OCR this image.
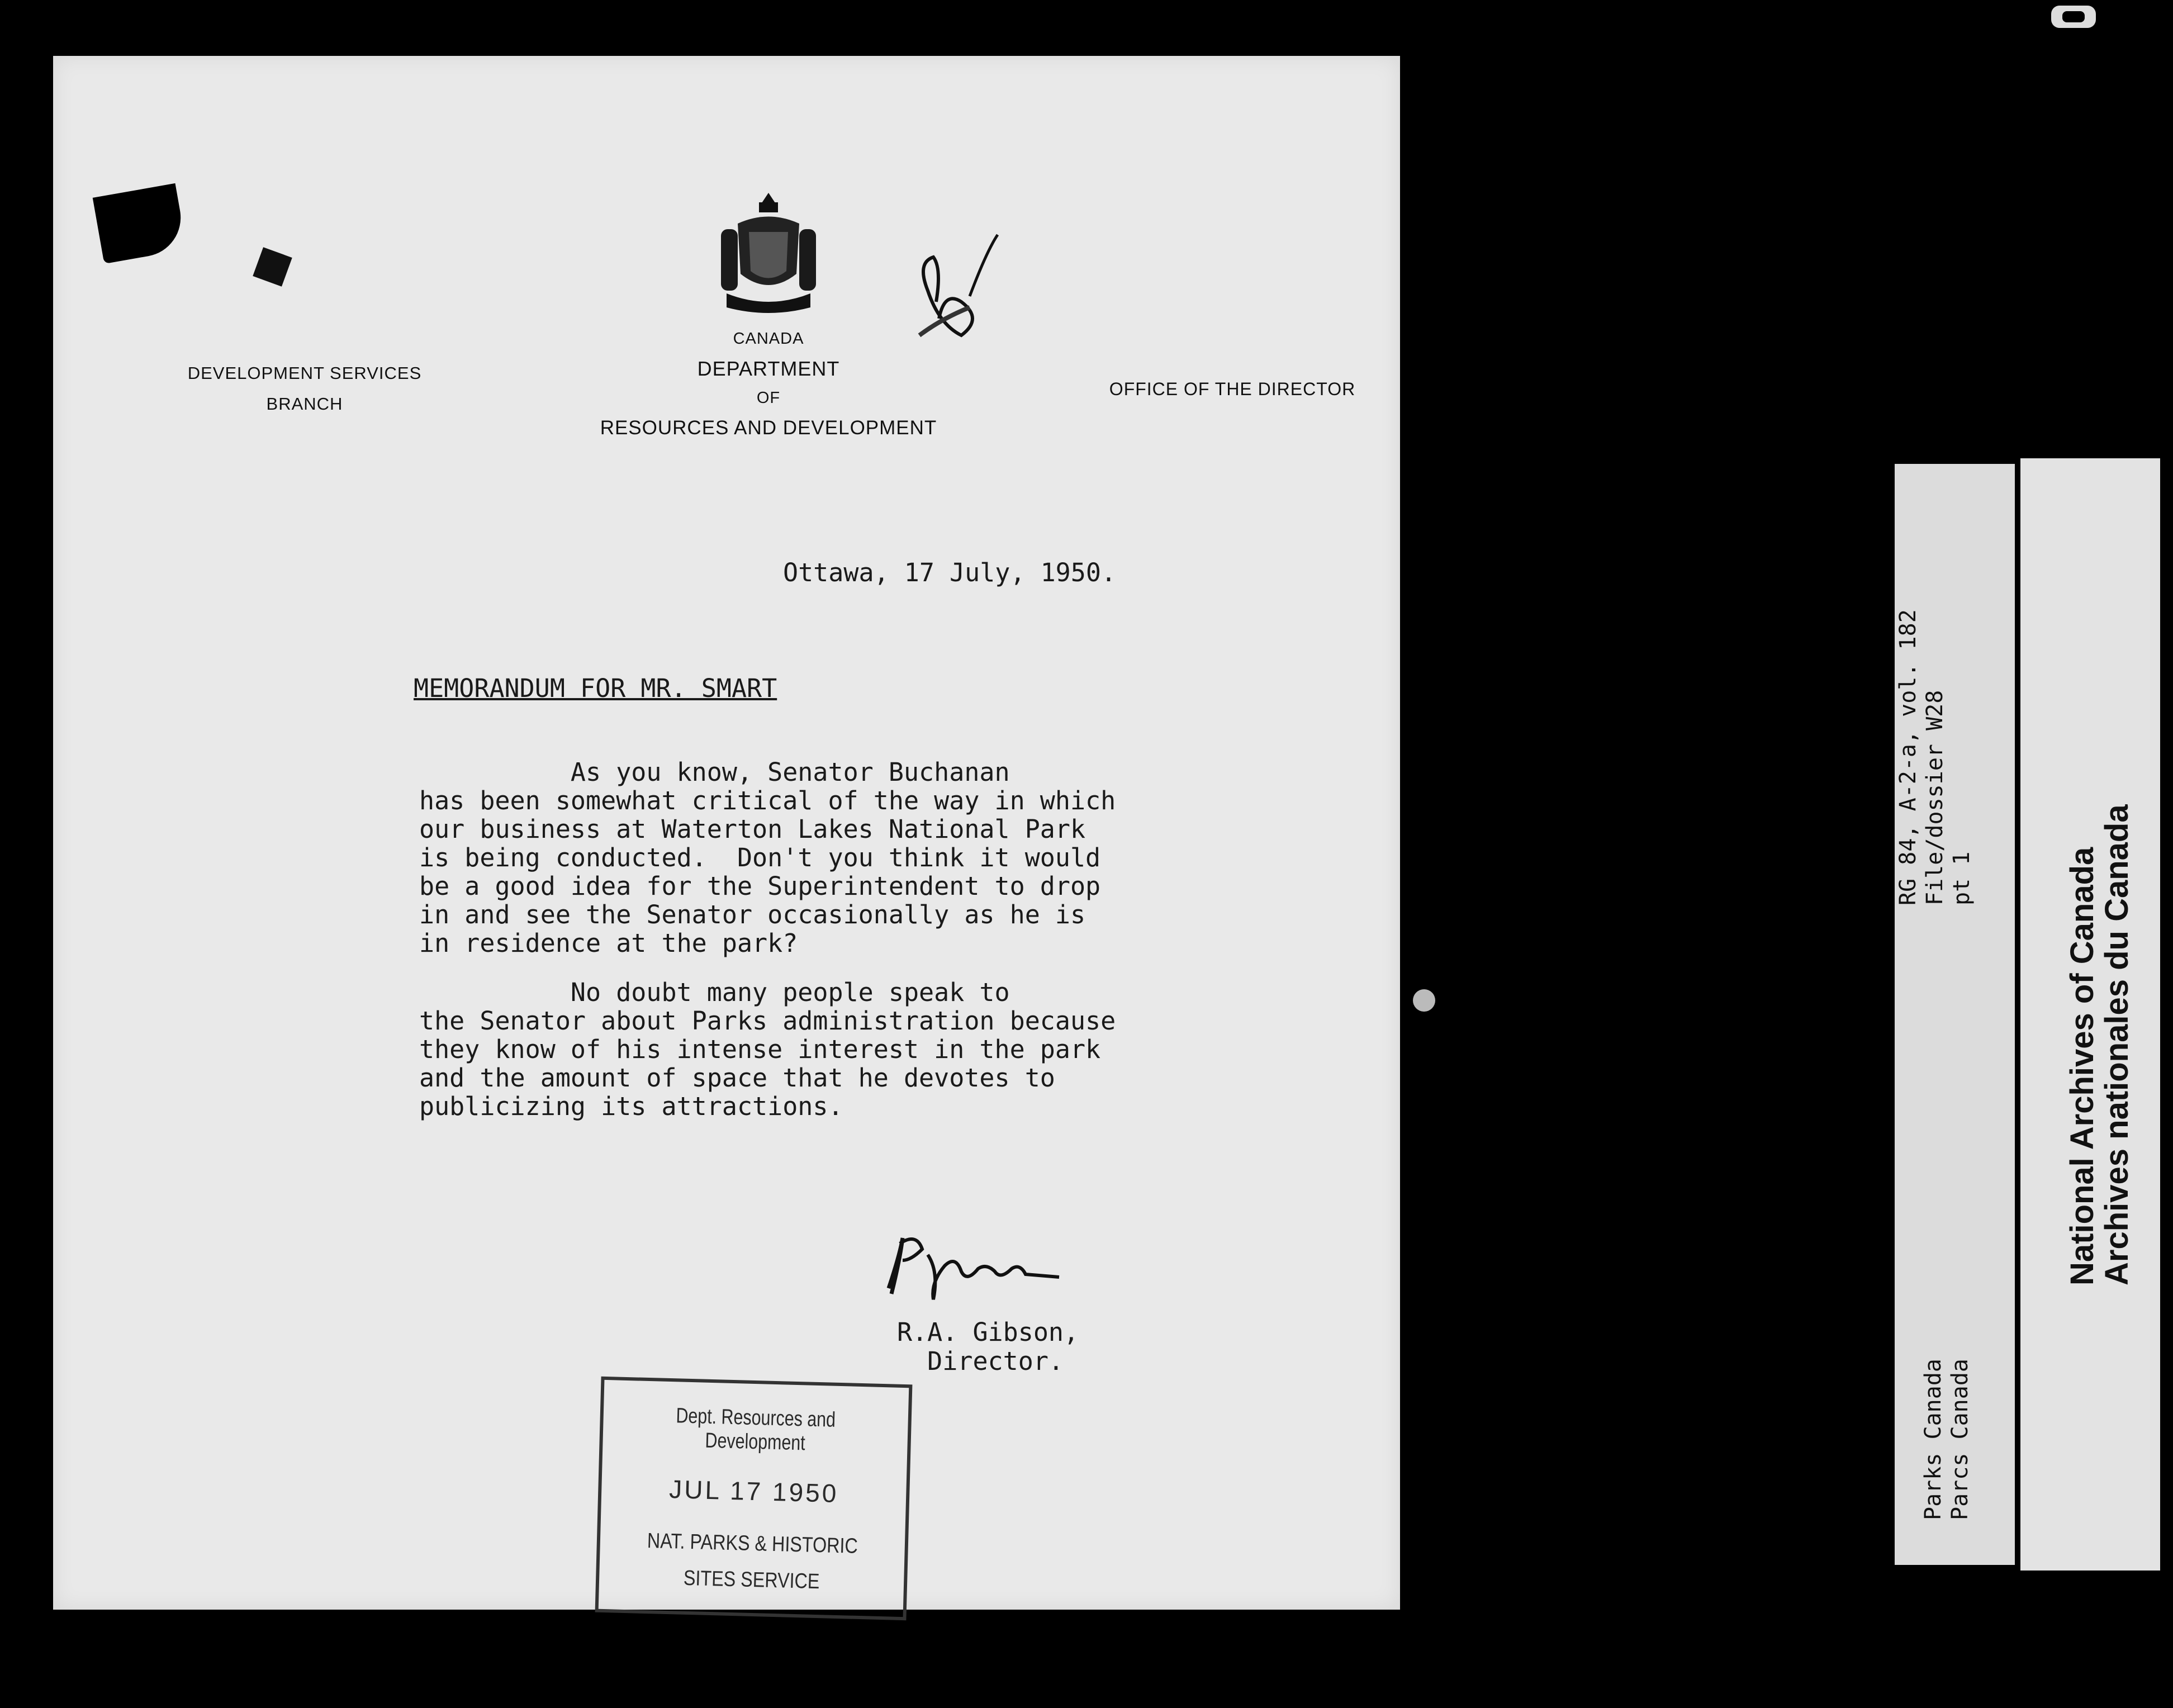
DEVELOPMENT SERVICES
BRANCH
CANADA
DEPARTMENT
OF
RESOURCES AND DEVELOPMENT
OFFICE OF THE DIRECTOR
Ottawa, 17 July, 1950.
MEMORANDUM FOR MR. SMART
As you know, Senator Buchanan
has been somewhat critical of the way in which
our business at Waterton Lakes National Park
is being conducted.  Don't you think it would
be a good idea for the Superintendent to drop
in and see the Senator occasionally as he is
in residence at the park?
No doubt many people speak to
the Senator about Parks administration because
they know of his intense interest in the park
and the amount of space that he devotes to
publicizing its attractions.
R.A. Gibson,
Director.
Dept. Resources and Development
JUL 17 1950
NAT. PARKS & HISTORIC
SITES SERVICE
RG 84, A-2-a, vol. 182
File/dossier W28
pt 1
Parks Canada
Parcs Canada
National Archives of Canada
Archives nationales du Canada
